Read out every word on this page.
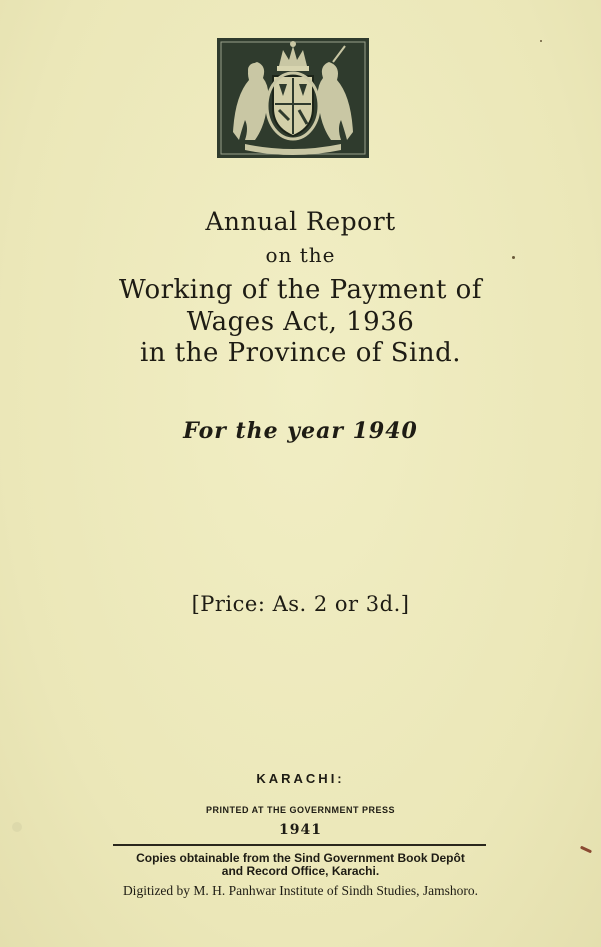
Annual Report
on the
Working of the Payment of
Wages Act, 1936
in the Province of Sind.
For the year 1940
[Price: As. 2 or 3d.]
KARACHI:
PRINTED AT THE GOVERNMENT PRESS
1941
Copies obtainable from the Sind Government Book Depôt
and Record Office, Karachi.
Digitized by M. H. Panhwar Institute of Sindh Studies, Jamshoro.
